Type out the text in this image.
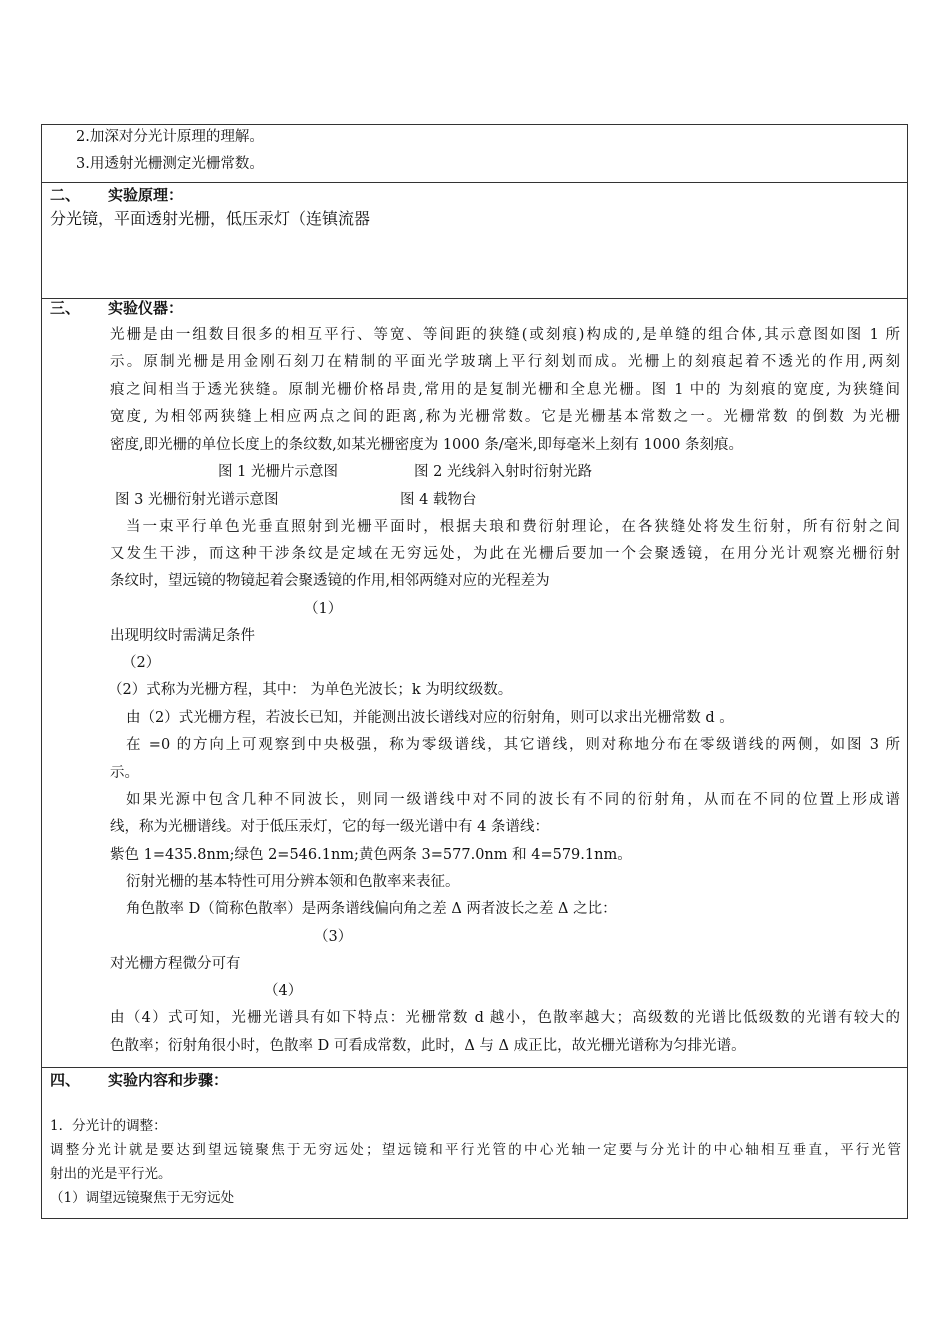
2.加深对分光计原理的理解。
3.用透射光栅测定光栅常数。
二、 实验原理：
分光镜，平面透射光栅，低压汞灯（连镇流器
三、 实验仪器：
光栅是由一组数目很多的相互平行、等宽、等间距的狭缝(或刻痕)构成的,是单缝的组合体,其示意图如图 1 所
示。原制光栅是用金刚石刻刀在精制的平面光学玻璃上平行刻划而成。光栅上的刻痕起着不透光的作用,两刻
痕之间相当于透光狭缝。原制光栅价格昂贵,常用的是复制光栅和全息光栅。图 1 中的 为刻痕的宽度, 为狭缝间
宽度, 为相邻两狭缝上相应两点之间的距离,称为光栅常数。它是光栅基本常数之一。光栅常数 的倒数 为光栅
密度,即光栅的单位长度上的条纹数,如某光栅密度为 1000 条/毫米,即每毫米上刻有 1000 条刻痕。
图 1 光栅片示意图	图 2 光线斜入射时衍射光路
图 3 光栅衍射光谱示意图	图 4 载物台
当一束平行单色光垂直照射到光栅平面时，根据夫琅和费衍射理论，在各狭缝处将发生衍射，所有衍射之间
又发生干涉，而这种干涉条纹是定域在无穷远处，为此在光栅后要加一个会聚透镜，在用分光计观察光栅衍射
条纹时，望远镜的物镜起着会聚透镜的作用,相邻两缝对应的光程差为
（1）
出现明纹时需满足条件
（2）
（2）式称为光栅方程，其中： 为单色光波长；k 为明纹级数。
由（2）式光栅方程，若波长已知，并能测出波长谱线对应的衍射角，则可以求出光栅常数 d 。
在 =0 的方向上可观察到中央极强，称为零级谱线，其它谱线，则对称地分布在零级谱线的两侧，如图 3 所
示。
如果光源中包含几种不同波长，则同一级谱线中对不同的波长有不同的衍射角，从而在不同的位置上形成谱
线，称为光栅谱线。对于低压汞灯，它的每一级光谱中有 4 条谱线：
紫色 1=435.8nm;绿色 2=546.1nm;黄色两条 3=577.0nm 和 4=579.1nm。
衍射光栅的基本特性可用分辨本领和色散率来表征。
角色散率 D（简称色散率）是两条谱线偏向角之差 Δ 两者波长之差 Δ 之比：
（3）
对光栅方程微分可有
（4）
由（4）式可知，光栅光谱具有如下特点：光栅常数 d 越小，色散率越大；高级数的光谱比低级数的光谱有较大的
色散率；衍射角很小时，色散率 D 可看成常数，此时，Δ 与 Δ 成正比，故光栅光谱称为匀排光谱。
四、 实验内容和步骤：
1．分光计的调整：
调整分光计就是要达到望远镜聚焦于无穷远处；望远镜和平行光管的中心光轴一定要与分光计的中心轴相互垂直，平行光管
射出的光是平行光。
（1）调望远镜聚焦于无穷远处
